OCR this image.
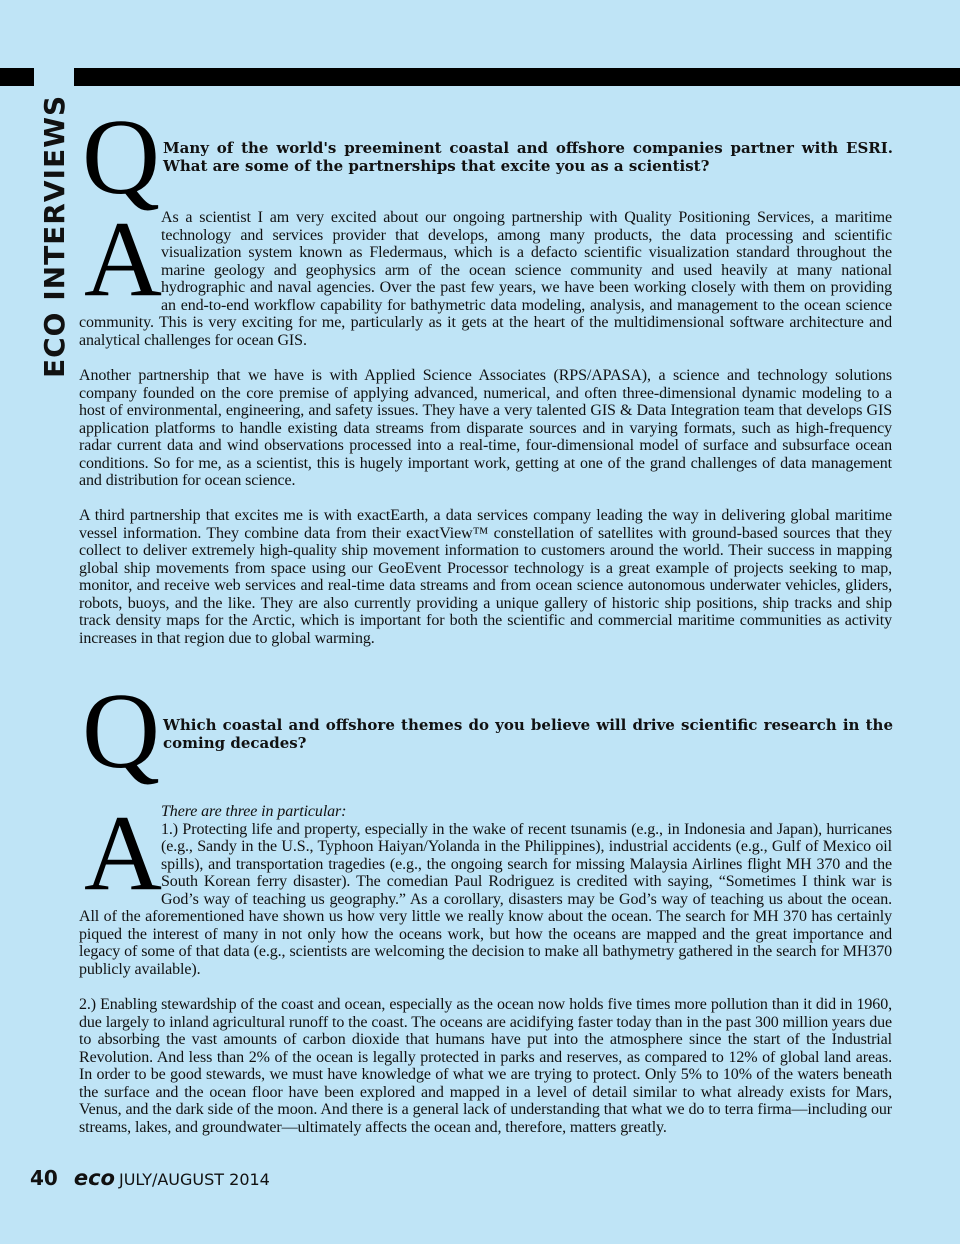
ECO INTERVIEWS Q Many of the world's preeminent coastal and offshore companies partner with ESRI. What are some of the partnerships that excite you as a scientist?
A As a scientist I am very excited about our ongoing partnership with Quality Positioning Services, a maritime technology and services provider that develops, among many products, the data processing and scientific visualization system known as Fledermaus, which is a defacto scientific visualization standard throughout the marine geology and geophysics arm of the ocean science community and used heavily at many national hydrographic and naval agencies. Over the past few years, we have been working closely with them on providing an end-to-end workflow capability for bathymetric data modeling, analysis, and management to the ocean science community. This is very exciting for me, particularly as it gets at the heart of the multidimensional software architecture and analytical challenges for ocean GIS.

Another partnership that we have is with Applied Science Associates (RPS/APASA), a science and technology solutions company founded on the core premise of applying advanced, numerical, and often three-dimensional dynamic modeling to a host of environmental, engineering, and safety issues. They have a very talented GIS & Data Integration team that develops GIS application platforms to handle existing data streams from disparate sources and in varying formats, such as high-frequency radar current data and wind observations processed into a real-time, four-dimensional model of surface and subsurface ocean conditions. So for me, as a scientist, this is hugely important work, getting at one of the grand challenges of data management and distribution for ocean science.

A third partnership that excites me is with exactEarth, a data services company leading the way in delivering global maritime vessel information. They combine data from their exactView™ constellation of satellites with ground-based sources that they collect to deliver extremely high-quality ship movement information to customers around the world. Their success in mapping global ship movements from space using our GeoEvent Processor technology is a great example of projects seeking to map, monitor, and receive web services and real-time data streams and from ocean science autonomous underwater vehicles, gliders, robots, buoys, and the like. They are also currently providing a unique gallery of historic ship positions, ship tracks and ship track density maps for the Arctic, which is important for both the scientific and commercial maritime communities as activity increases in that region due to global warming.

Q Which coastal and offshore themes do you believe will drive scientific research in the coming decades?
A There are three in particular:
1.) Protecting life and property, especially in the wake of recent tsunamis (e.g., in Indonesia and Japan), hurricanes (e.g., Sandy in the U.S., Typhoon Haiyan/Yolanda in the Philippines), industrial accidents (e.g., Gulf of Mexico oil spills), and transportation tragedies (e.g., the ongoing search for missing Malaysia Airlines flight MH 370 and the South Korean ferry disaster). The comedian Paul Rodriguez is credited with saying, “Sometimes I think war is God’s way of teaching us geography.” As a corollary, disasters may be God’s way of teaching us about the ocean. All of the aforementioned have shown us how very little we really know about the ocean. The search for MH 370 has certainly piqued the interest of many in not only how the oceans work, but how the oceans are mapped and the great importance and legacy of some of that data (e.g., scientists are welcoming the decision to make all bathymetry gathered in the search for MH370 publicly available).

2.) Enabling stewardship of the coast and ocean, especially as the ocean now holds five times more pollution than it did in 1960, due largely to inland agricultural runoff to the coast. The oceans are acidifying faster today than in the past 300 million years due to absorbing the vast amounts of carbon dioxide that humans have put into the atmosphere since the start of the Industrial Revolution. And less than 2% of the ocean is legally protected in parks and reserves, as compared to 12% of global land areas. In order to be good stewards, we must have knowledge of what we are trying to protect. Only 5% to 10% of the waters beneath the surface and the ocean floor have been explored and mapped in a level of detail similar to what already exists for Mars, Venus, and the dark side of the moon. And there is a general lack of understanding that what we do to terra firma—including our streams, lakes, and groundwater—ultimately affects the ocean and, therefore, matters greatly.

40 eco JULY/AUGUST 2014
